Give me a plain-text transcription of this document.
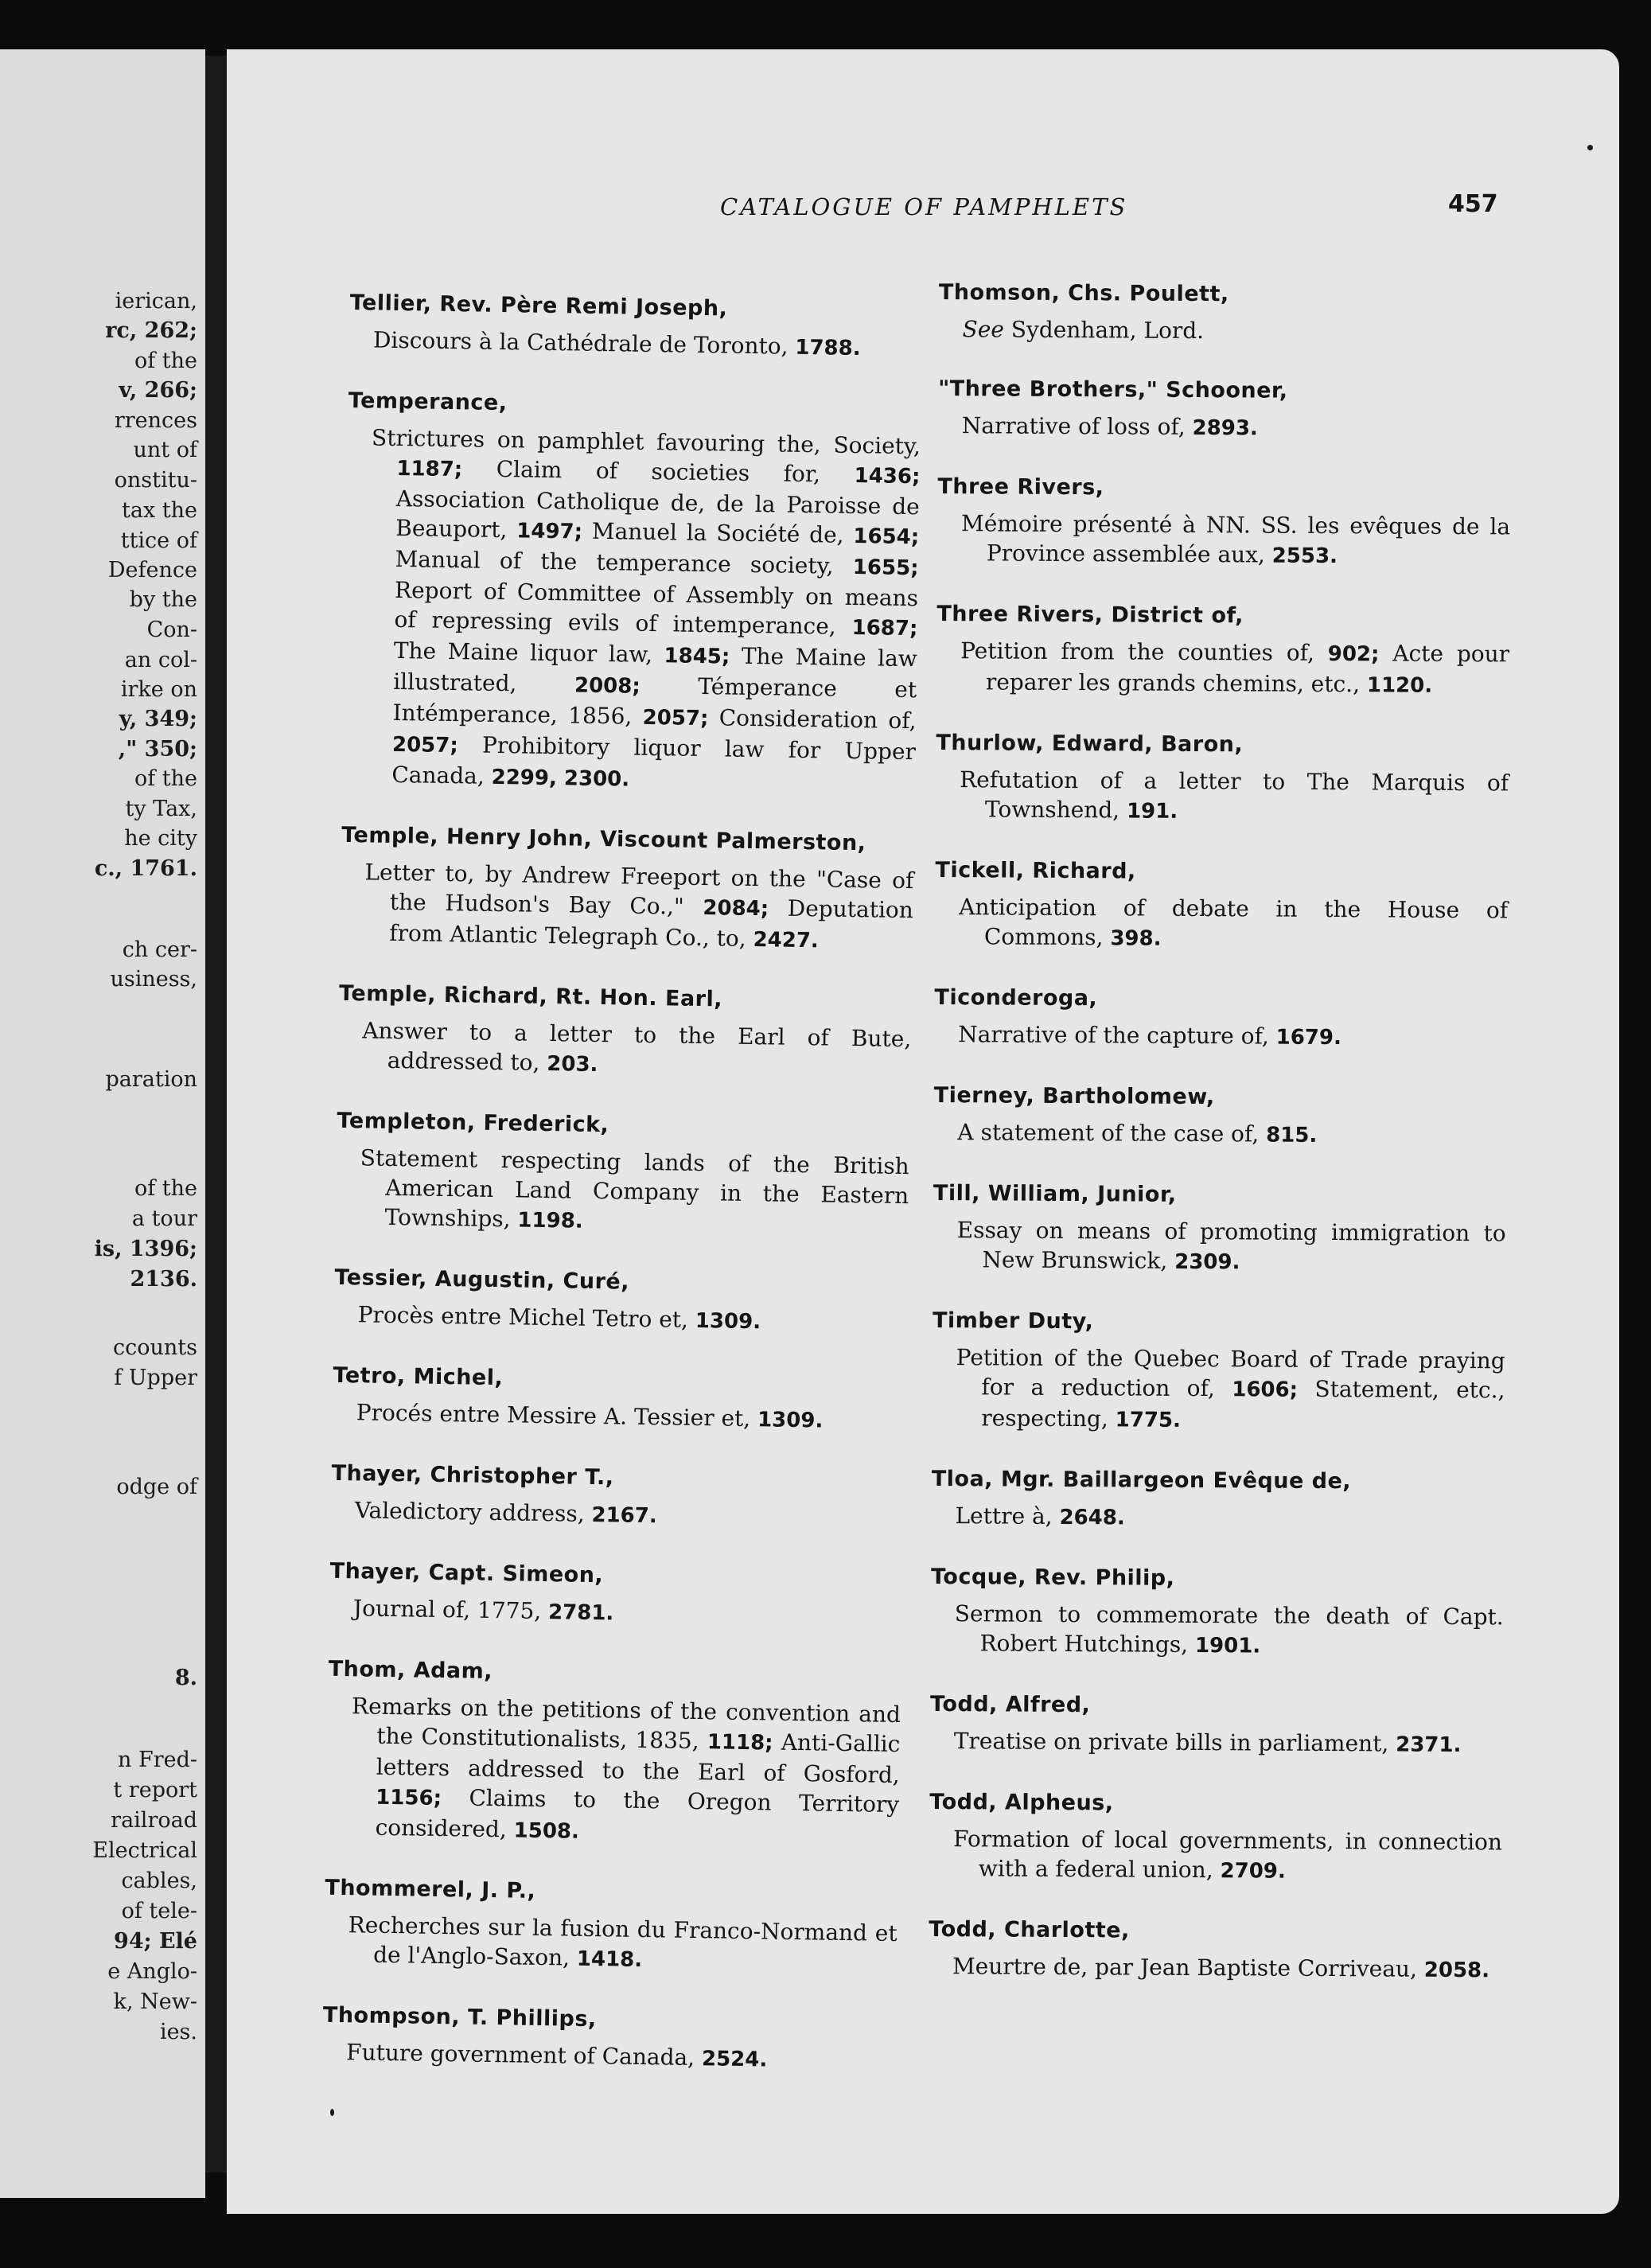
ierican,
rc, 262;
of the
v, 266;
rrences
unt of
onstitu-
tax the
ttice of
Defence
by the
Con-
an col-
irke on
y, 349;
," 350;
of the
ty Tax,
he city
c., 1761.
ch cer-
usiness,
paration
of the
a tour
is, 1396;
2136.
ccounts
f Upper
odge of
8.
n Fred-
t report
railroad
Electrical
cables,
of tele-
94; Elé
e Anglo-
k, New-
ies.
CATALOGUE OF PAMPHLETS	457
Tellier, Rev. Père Remi Joseph,
Discours à la Cathédrale de Toronto, 1788.
Temperance,
Strictures on pamphlet favouring the, Society, 1187; Claim of societies for, 1436; Association Catholique de, de la Paroisse de Beauport, 1497; Manuel la Société de, 1654; Manual of the temperance society, 1655; Report of Committee of Assembly on means of repressing evils of intemperance, 1687; The Maine liquor law, 1845; The Maine law illustrated, 2008; Témperance et Intémperance, 1856, 2057; Consideration of, 2057; Prohibitory liquor law for Upper Canada, 2299, 2300.
Temple, Henry John, Viscount Palmerston,
Letter to, by Andrew Freeport on the "Case of the Hudson's Bay Co.," 2084; Deputation from Atlantic Telegraph Co., to, 2427.
Temple, Richard, Rt. Hon. Earl,
Answer to a letter to the Earl of Bute, addressed to, 203.
Templeton, Frederick,
Statement respecting lands of the British American Land Company in the Eastern Townships, 1198.
Tessier, Augustin, Curé,
Procès entre Michel Tetro et, 1309.
Tetro, Michel,
Procés entre Messire A. Tessier et, 1309.
Thayer, Christopher T.,
Valedictory address, 2167.
Thayer, Capt. Simeon,
Journal of, 1775, 2781.
Thom, Adam,
Remarks on the petitions of the convention and the Constitutionalists, 1835, 1118; Anti-Gallic letters addressed to the Earl of Gosford, 1156; Claims to the Oregon Territory considered, 1508.
Thommerel, J. P.,
Recherches sur la fusion du Franco-Normand et de l'Anglo-Saxon, 1418.
Thompson, T. Phillips,
Future government of Canada, 2524.
Thomson, Chs. Poulett,
See Sydenham, Lord.
"Three Brothers," Schooner,
Narrative of loss of, 2893.
Three Rivers,
Mémoire présenté à NN. SS. les evêques de la Province assemblée aux, 2553.
Three Rivers, District of,
Petition from the counties of, 902; Acte pour reparer les grands chemins, etc., 1120.
Thurlow, Edward, Baron,
Refutation of a letter to The Marquis of Townshend, 191.
Tickell, Richard,
Anticipation of debate in the House of Commons, 398.
Ticonderoga,
Narrative of the capture of, 1679.
Tierney, Bartholomew,
A statement of the case of, 815.
Till, William, Junior,
Essay on means of promoting immigration to New Brunswick, 2309.
Timber Duty,
Petition of the Quebec Board of Trade praying for a reduction of, 1606; Statement, etc., respecting, 1775.
Tloa, Mgr. Baillargeon Evêque de,
Lettre à, 2648.
Tocque, Rev. Philip,
Sermon to commemorate the death of Capt. Robert Hutchings, 1901.
Todd, Alfred,
Treatise on private bills in parliament, 2371.
Todd, Alpheus,
Formation of local governments, in connection with a federal union, 2709.
Todd, Charlotte,
Meurtre de, par Jean Baptiste Corriveau, 2058.
